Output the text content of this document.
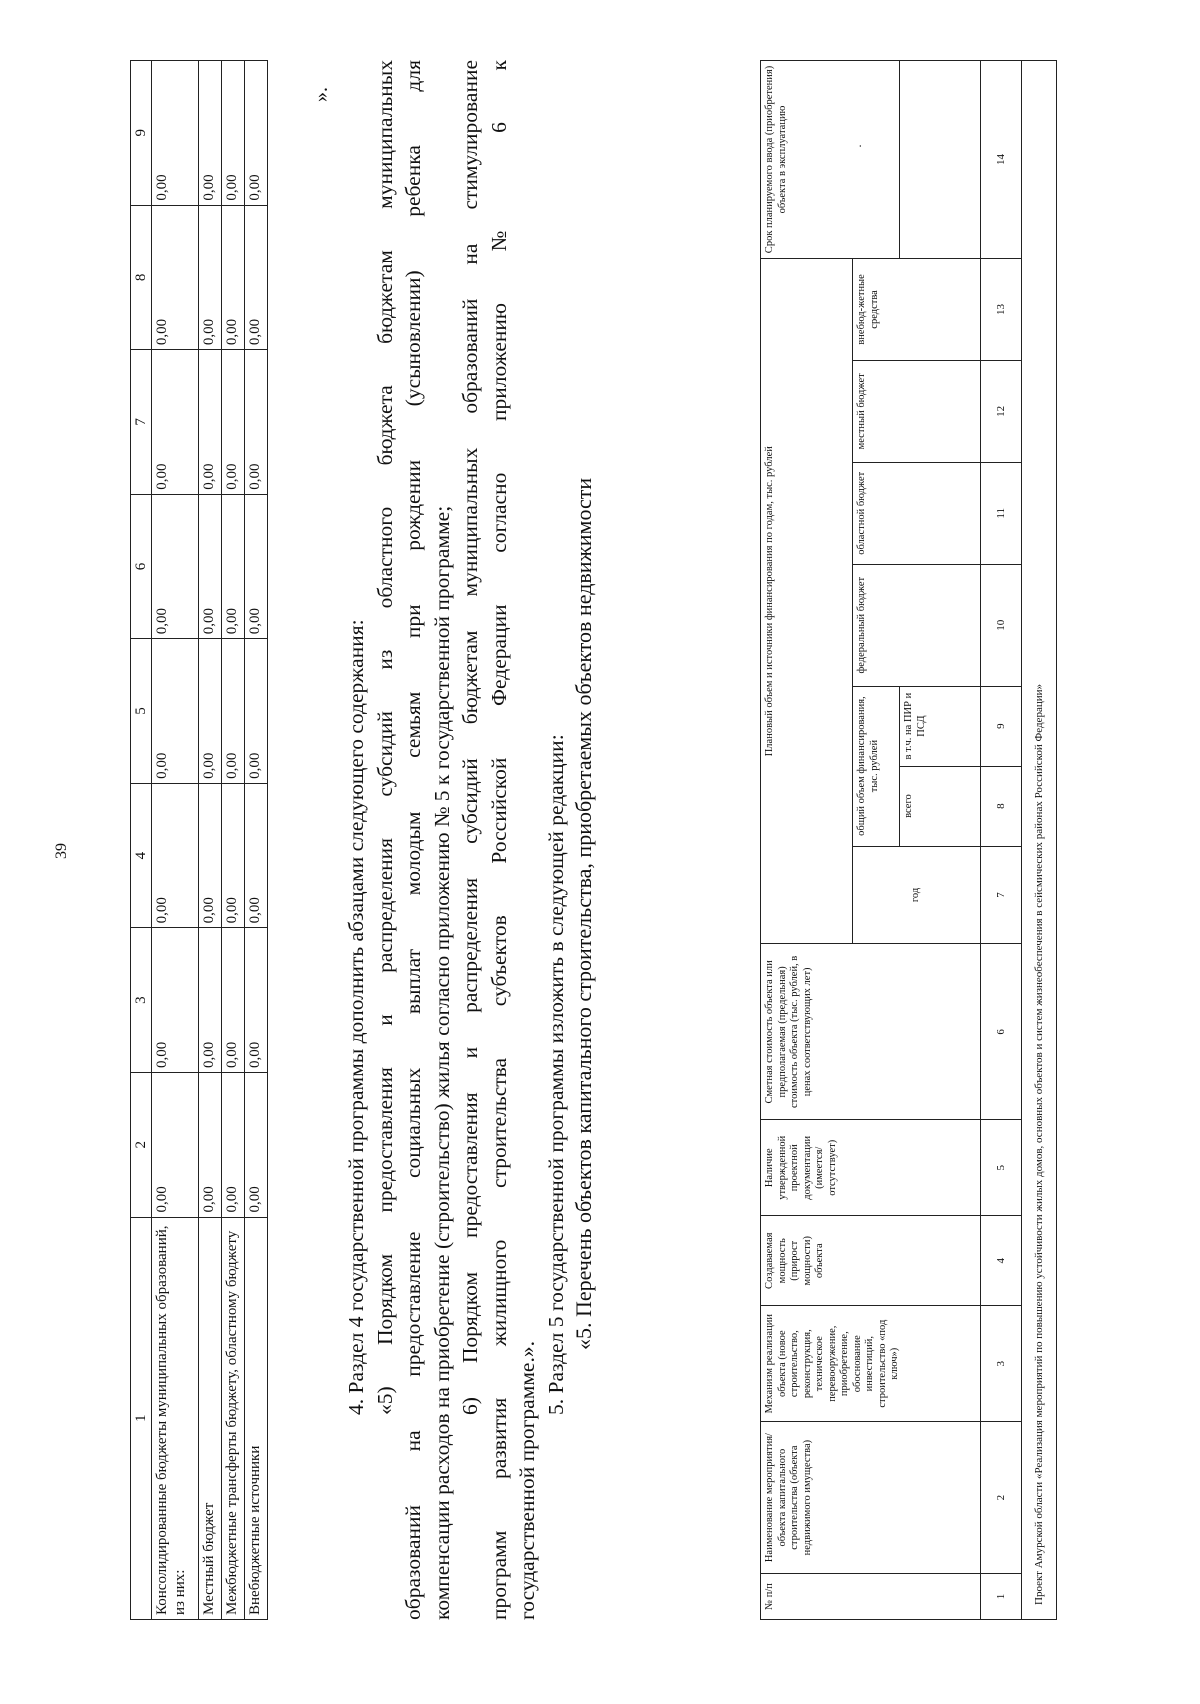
39
1	2	3	4	5	6	7	8	9
Консолидированные бюджеты муниципальных образований, из них:	0,00	0,00	0,00	0,00	0,00	0,00	0,00	0,00
Местный бюджет	0,00	0,00	0,00	0,00	0,00	0,00	0,00	0,00
Межбюджетные трансферты бюджету, областному бюджету	0,00	0,00	0,00	0,00	0,00	0,00	0,00	0,00
Внебюджетные источники	0,00	0,00	0,00	0,00	0,00	0,00	0,00	0,00
».

4. Раздел 4 государственной программы дополнить абзацами следующего содержания: «5) Порядком предоставления и распределения субсидий из областного бюджета бюджетам муниципальных образований на предоставление социальных выплат молодым семьям при рождении (усыновлении) ребенка для компенсации расходов на приобретение (строительство) жилья согласно приложению № 5 к государственной программе; 6) Порядком предоставления и распределения субсидий бюджетам муниципальных образований на стимулирование программ развития жилищного строительства субъектов Российской Федерации согласно приложению № 6 к государственной программе.».

5. Раздел 5 государственной программы изложить в следующей редакции: «5. Перечень объектов капитального строительства, приобретаемых объектов недвижимости

№ п/п	Наименование мероприятия/объекта капитального строительства (объекта недвижимого имущества)	Механизм реализации объекта (новое строительство, реконструкция, техническое перевооружение, приобретение, обоснование инвестиций, строительство «под ключ»)	Создаваемая мощность (прирост мощности) объекта	Наличие утвержденной проектной документации (имеется/ отсутствует)	Сметная стоимость объекта или предполагаемая (предельная) стоимость объекта (тыс. рублей, в ценах соответствующих лет)	Плановый объем и источники финансирования по годам, тыс. рублей							Срок планируемого ввода (приобретения) объекта в эксплуатацию
						год	общий объем финансирования, тыс. рублей		федеральный бюджет	областной бюджет	местный бюджет	внебюд-жетные средства	
							всего	в т.ч. на ПИР и ПСД					
1	2	3	4	5	6	7	8	9	10	11	12	13	14
Проект Амурской области «Реализация мероприятий по повышению устойчивости жилых домов, основных объектов и систем жизнеобеспечения в сейсмических районах Российской Федерации»													
·
